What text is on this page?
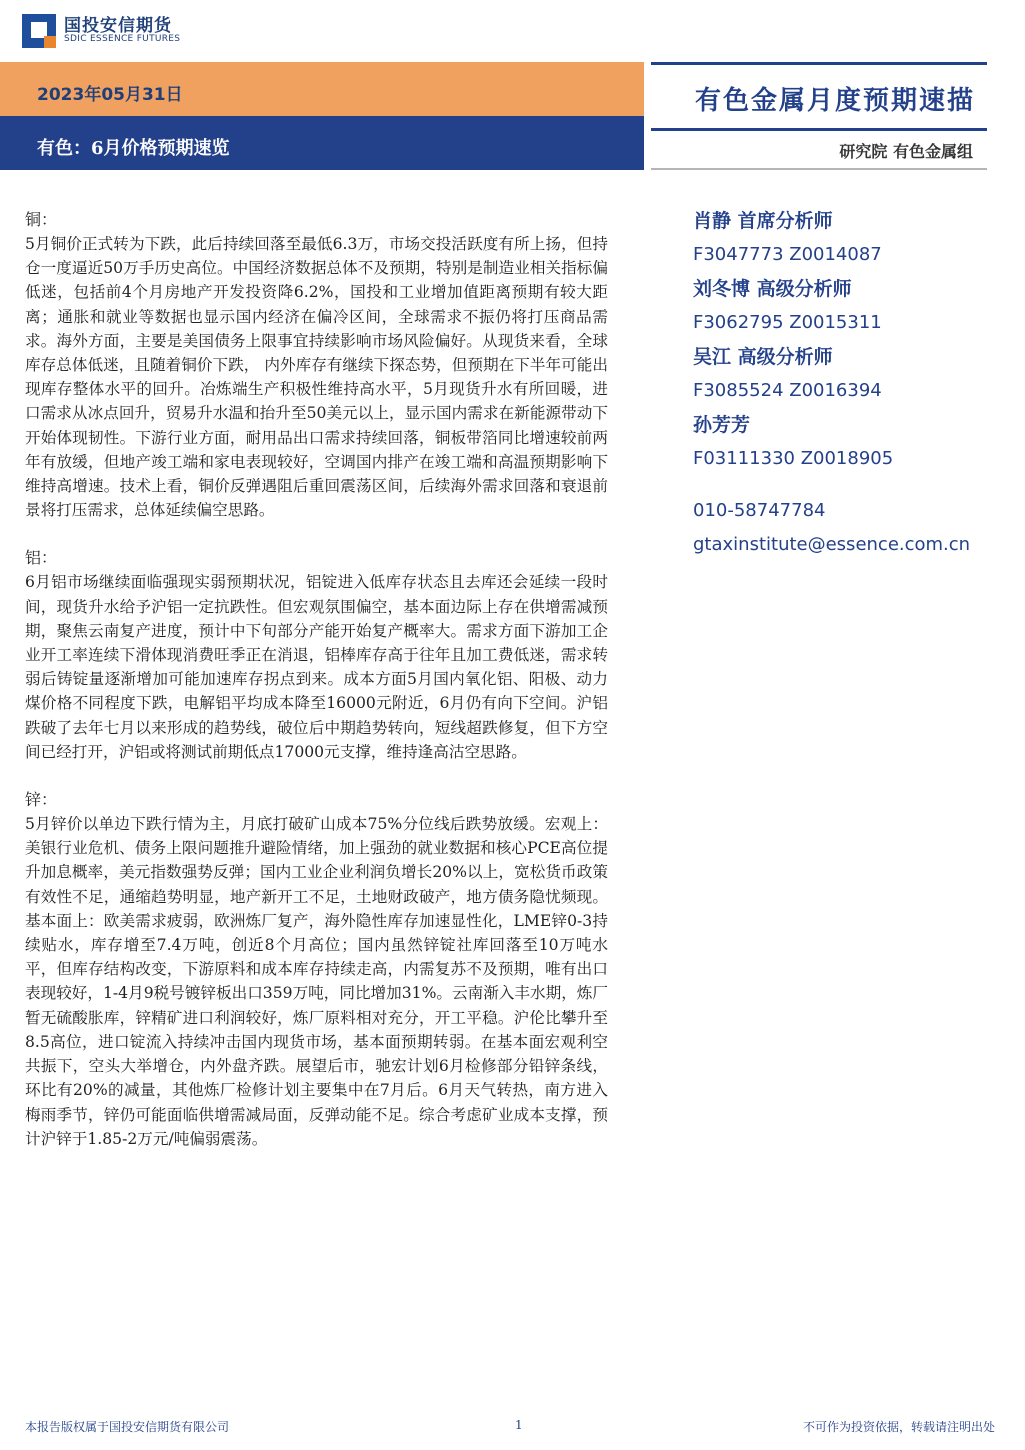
国投安信期货
SDIC ESSENCE FUTURES
2023年05月31日
有色：6月价格预期速览
有色金属月度预期速描
研究院 有色金属组
铜：
5月铜价正式转为下跌，此后持续回落至最低6.3万，市场交投活跃度有所上扬，但持仓一度逼近50万手历史高位。中国经济数据总体不及预期，特别是制造业相关指标偏低迷，包括前4个月房地产开发投资降6.2%，国投和工业增加值距离预期有较大距离；通胀和就业等数据也显示国内经济在偏冷区间，全球需求不振仍将打压商品需求。海外方面，主要是美国债务上限事宜持续影响市场风险偏好。从现货来看，全球库存总体低迷，且随着铜价下跌， 内外库存有继续下探态势，但预期在下半年可能出现库存整体水平的回升。冶炼端生产积极性维持高水平，5月现货升水有所回暖，进口需求从冰点回升，贸易升水温和抬升至50美元以上，显示国内需求在新能源带动下开始体现韧性。下游行业方面，耐用品出口需求持续回落，铜板带箔同比增速较前两年有放缓，但地产竣工端和家电表现较好，空调国内排产在竣工端和高温预期影响下维持高增速。技术上看，铜价反弹遇阻后重回震荡区间，后续海外需求回落和衰退前景将打压需求，总体延续偏空思路。
铝：
6月铝市场继续面临强现实弱预期状况，铝锭进入低库存状态且去库还会延续一段时间，现货升水给予沪铝一定抗跌性。但宏观氛围偏空，基本面边际上存在供增需减预期，聚焦云南复产进度，预计中下旬部分产能开始复产概率大。需求方面下游加工企业开工率连续下滑体现消费旺季正在消退，铝棒库存高于往年且加工费低迷，需求转弱后铸锭量逐渐增加可能加速库存拐点到来。成本方面5月国内氧化铝、阳极、动力煤价格不同程度下跌，电解铝平均成本降至16000元附近，6月仍有向下空间。沪铝跌破了去年七月以来形成的趋势线，破位后中期趋势转向，短线超跌修复，但下方空间已经打开，沪铝或将测试前期低点17000元支撑，维持逢高沽空思路。
锌：
5月锌价以单边下跌行情为主，月底打破矿山成本75%分位线后跌势放缓。宏观上：美银行业危机、债务上限问题推升避险情绪，加上强劲的就业数据和核心PCE高位提升加息概率，美元指数强势反弹；国内工业企业利润负增长20%以上，宽松货币政策有效性不足，通缩趋势明显，地产新开工不足，土地财政破产，地方债务隐忧频现。基本面上：欧美需求疲弱，欧洲炼厂复产，海外隐性库存加速显性化，LME锌0-3持续贴水，库存增至7.4万吨，创近8个月高位；国内虽然锌锭社库回落至10万吨水平，但库存结构改变，下游原料和成本库存持续走高，内需复苏不及预期，唯有出口表现较好，1-4月9税号镀锌板出口359万吨，同比增加31%。云南渐入丰水期，炼厂暂无硫酸胀库，锌精矿进口利润较好，炼厂原料相对充分，开工平稳。沪伦比攀升至8.5高位，进口锭流入持续冲击国内现货市场，基本面预期转弱。在基本面宏观利空共振下，空头大举增仓，内外盘齐跌。展望后市，驰宏计划6月检修部分铅锌条线，环比有20%的减量，其他炼厂检修计划主要集中在7月后。6月天气转热，南方进入梅雨季节，锌仍可能面临供增需减局面，反弹动能不足。综合考虑矿业成本支撑，预计沪锌于1.85-2万元/吨偏弱震荡。
肖静 首席分析师
F3047773 Z0014087
刘冬博 高级分析师
F3062795 Z0015311
吴江 高级分析师
F3085524 Z0016394
孙芳芳
F03111330 Z0018905
010-58747784
gtaxinstitute@essence.com.cn
本报告版权属于国投安信期货有限公司	1	不可作为投资依据，转载请注明出处
